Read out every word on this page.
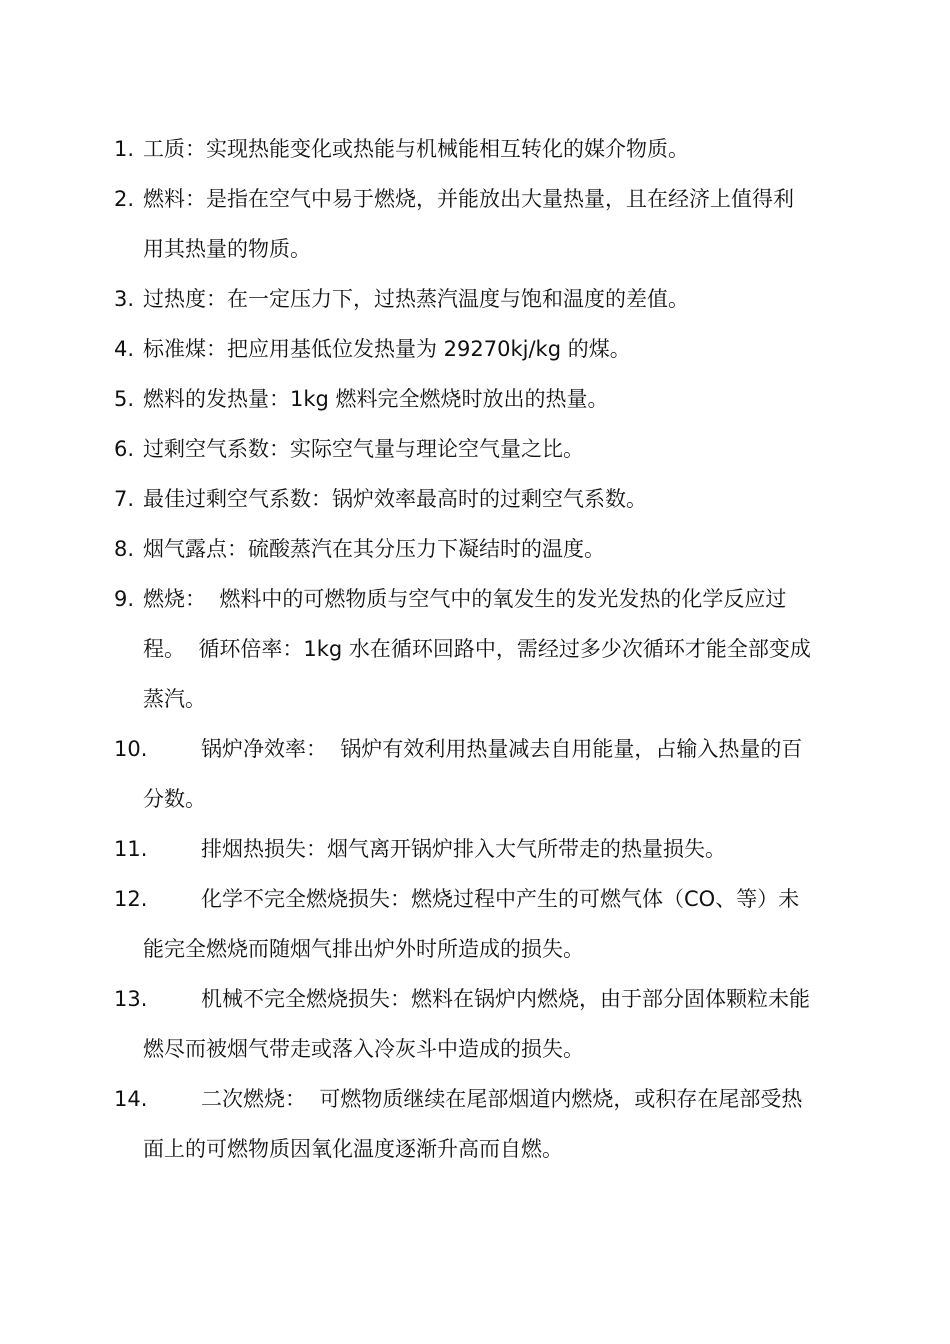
1. 工质：实现热能变化或热能与机械能相互转化的媒介物质。
2. 燃料：是指在空气中易于燃烧，并能放出大量热量，且在经济上值得利用其热量的物质。
3. 过热度：在一定压力下，过热蒸汽温度与饱和温度的差值。
4. 标准煤：把应用基低位发热量为 29270kj/kg 的煤。
5. 燃料的发热量：1kg 燃料完全燃烧时放出的热量。
6. 过剩空气系数：实际空气量与理论空气量之比。
7. 最佳过剩空气系数：锅炉效率最高时的过剩空气系数。
8. 烟气露点：硫酸蒸汽在其分压力下凝结时的温度。
9. 燃烧：  燃料中的可燃物质与空气中的氧发生的发光发热的化学反应过程。  循环倍率：1kg 水在循环回路中，需经过多少次循环才能全部变成蒸汽。
10.	锅炉净效率：  锅炉有效利用热量减去自用能量，占输入热量的百分数。
11.	排烟热损失：烟气离开锅炉排入大气所带走的热量损失。
12.	化学不完全燃烧损失：燃烧过程中产生的可燃气体（CO、等）未能完全燃烧而随烟气排出炉外时所造成的损失。
13.	机械不完全燃烧损失：燃料在锅炉内燃烧，由于部分固体颗粒未能燃尽而被烟气带走或落入冷灰斗中造成的损失。
14.	二次燃烧：  可燃物质继续在尾部烟道内燃烧，或积存在尾部受热面上的可燃物质因氧化温度逐渐升高而自燃。
